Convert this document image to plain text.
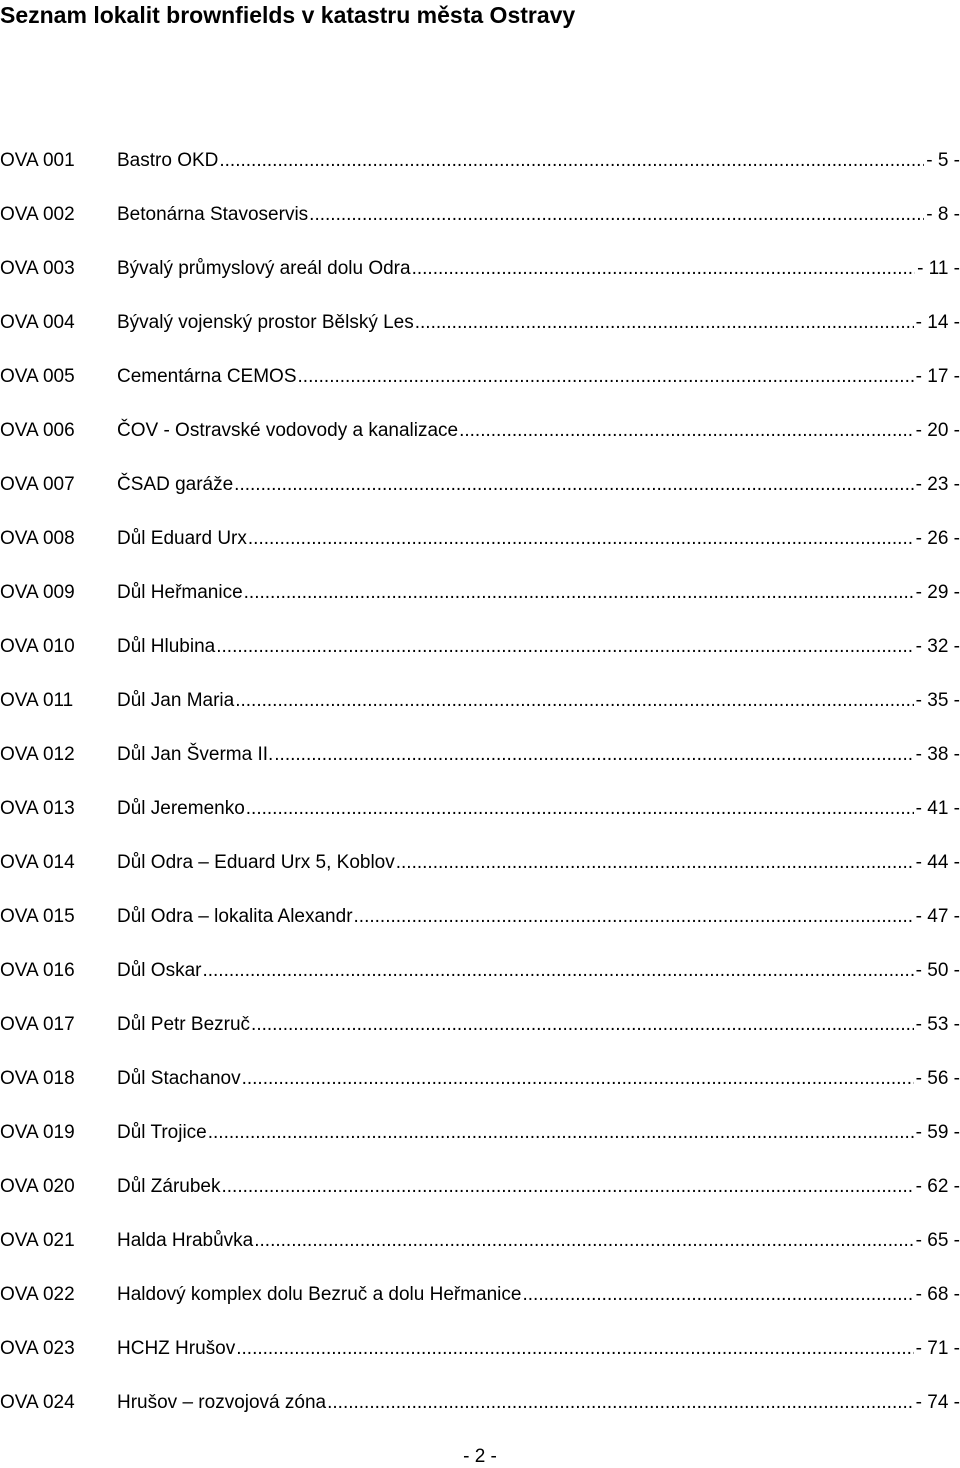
Seznam lokalit brownfields v katastru města Ostravy
OVA 001	Bastro OKD .....	- 5 -
OVA 002	Betonárna Stavoservis .....	- 8 -
OVA 003	Bývalý průmyslový areál dolu Odra .....	- 11 -
OVA 004	Bývalý vojenský prostor Bělský Les .....	- 14 -
OVA 005	Cementárna CEMOS .....	- 17 -
OVA 006	ČOV - Ostravské vodovody a kanalizace .....	- 20 -
OVA 007	ČSAD garáže .....	- 23 -
OVA 008	Důl Eduard Urx .....	- 26 -
OVA 009	Důl Heřmanice .....	- 29 -
OVA 010	Důl Hlubina .....	- 32 -
OVA 011	Důl Jan Maria .....	- 35 -
OVA 012	Důl Jan Šverma II. .....	- 38 -
OVA 013	Důl Jeremenko .....	- 41 -
OVA 014	Důl Odra – Eduard Urx 5, Koblov .....	- 44 -
OVA 015	Důl Odra – lokalita Alexandr .....	- 47 -
OVA 016	Důl Oskar .....	- 50 -
OVA 017	Důl Petr Bezruč .....	- 53 -
OVA 018	Důl Stachanov .....	- 56 -
OVA 019	Důl Trojice .....	- 59 -
OVA 020	Důl Zárubek .....	- 62 -
OVA 021	Halda Hrabůvka .....	- 65 -
OVA 022	Haldový komplex dolu Bezruč a dolu Heřmanice .....	- 68 -
OVA 023	HCHZ Hrušov .....	- 71 -
OVA 024	Hrušov – rozvojová zóna .....	- 74 -
- 2 -
